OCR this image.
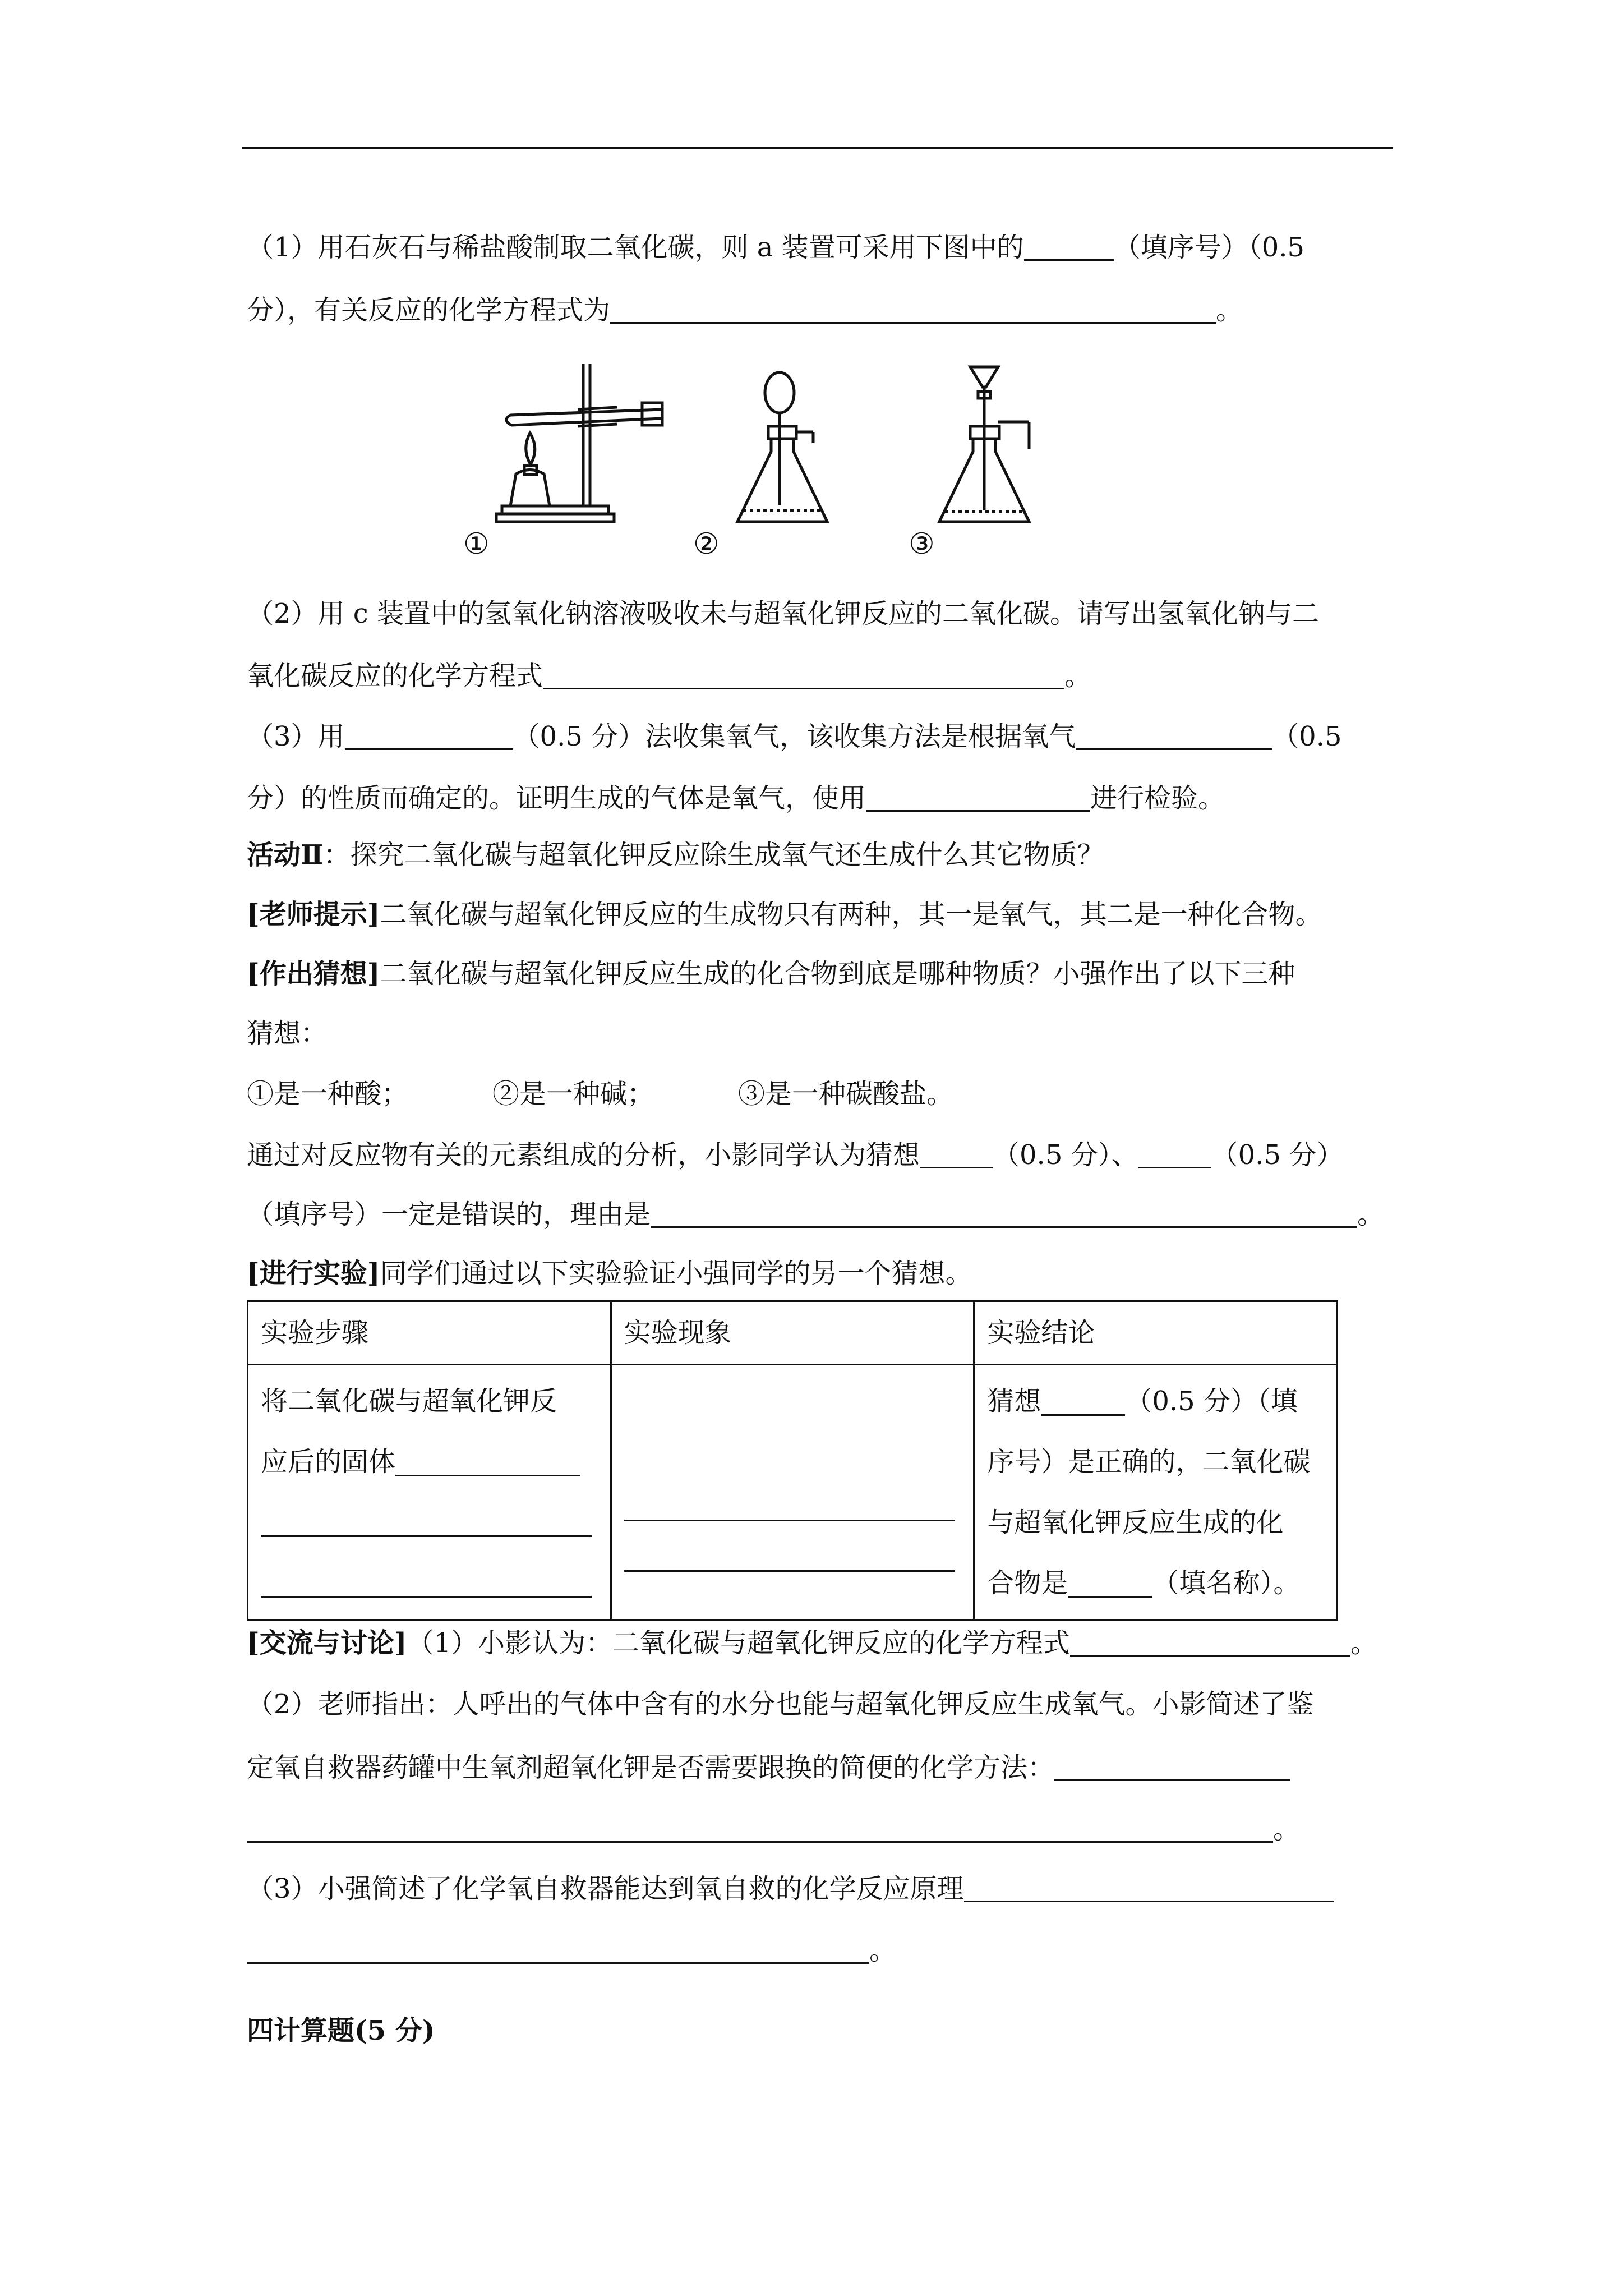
（1）用石灰石与稀盐酸制取二氧化碳，则 a 装置可采用下图中的	（填序号）（0.5
分），有关反应的化学方程式为	。
①	②	③
（2）用 c 装置中的氢氧化钠溶液吸收未与超氧化钾反应的二氧化碳。请写出氢氧化钠与二
氧化碳反应的化学方程式	。
（3）用	（0.5 分）法收集氧气，该收集方法是根据氧气	（0.5
分）的性质而确定的。证明生成的气体是氧气，使用	进行检验。
活动Ⅱ：探究二氧化碳与超氧化钾反应除生成氧气还生成什么其它物质？
[老师提示]二氧化碳与超氧化钾反应的生成物只有两种，其一是氧气，其二是一种化合物。
[作出猜想]二氧化碳与超氧化钾反应生成的化合物到底是哪种物质？小强作出了以下三种
猜想：
①是一种酸；	②是一种碱；	③是一种碳酸盐。
通过对反应物有关的元素组成的分析，小影同学认为猜想	（0.5 分）、	（0.5 分）
（填序号）一定是错误的，理由是	。
[进行实验]同学们通过以下实验验证小强同学的另一个猜想。
实验步骤	实验现象	实验结论

将二氧化碳与超氧化钾反
应后的固体		猜想 （0.5 分）（填
序号）是正确的，二氧化碳
与超氧化钾反应生成的化
合物是 （填名称）。
[交流与讨论]（1）小影认为：二氧化碳与超氧化钾反应的化学方程式	。
（2）老师指出：人呼出的气体中含有的水分也能与超氧化钾反应生成氧气。小影简述了鉴
定氧自救器药罐中生氧剂超氧化钾是否需要跟换的简便的化学方法：
。
（3）小强简述了化学氧自救器能达到氧自救的化学反应原理
。
四计算题(5 分)
